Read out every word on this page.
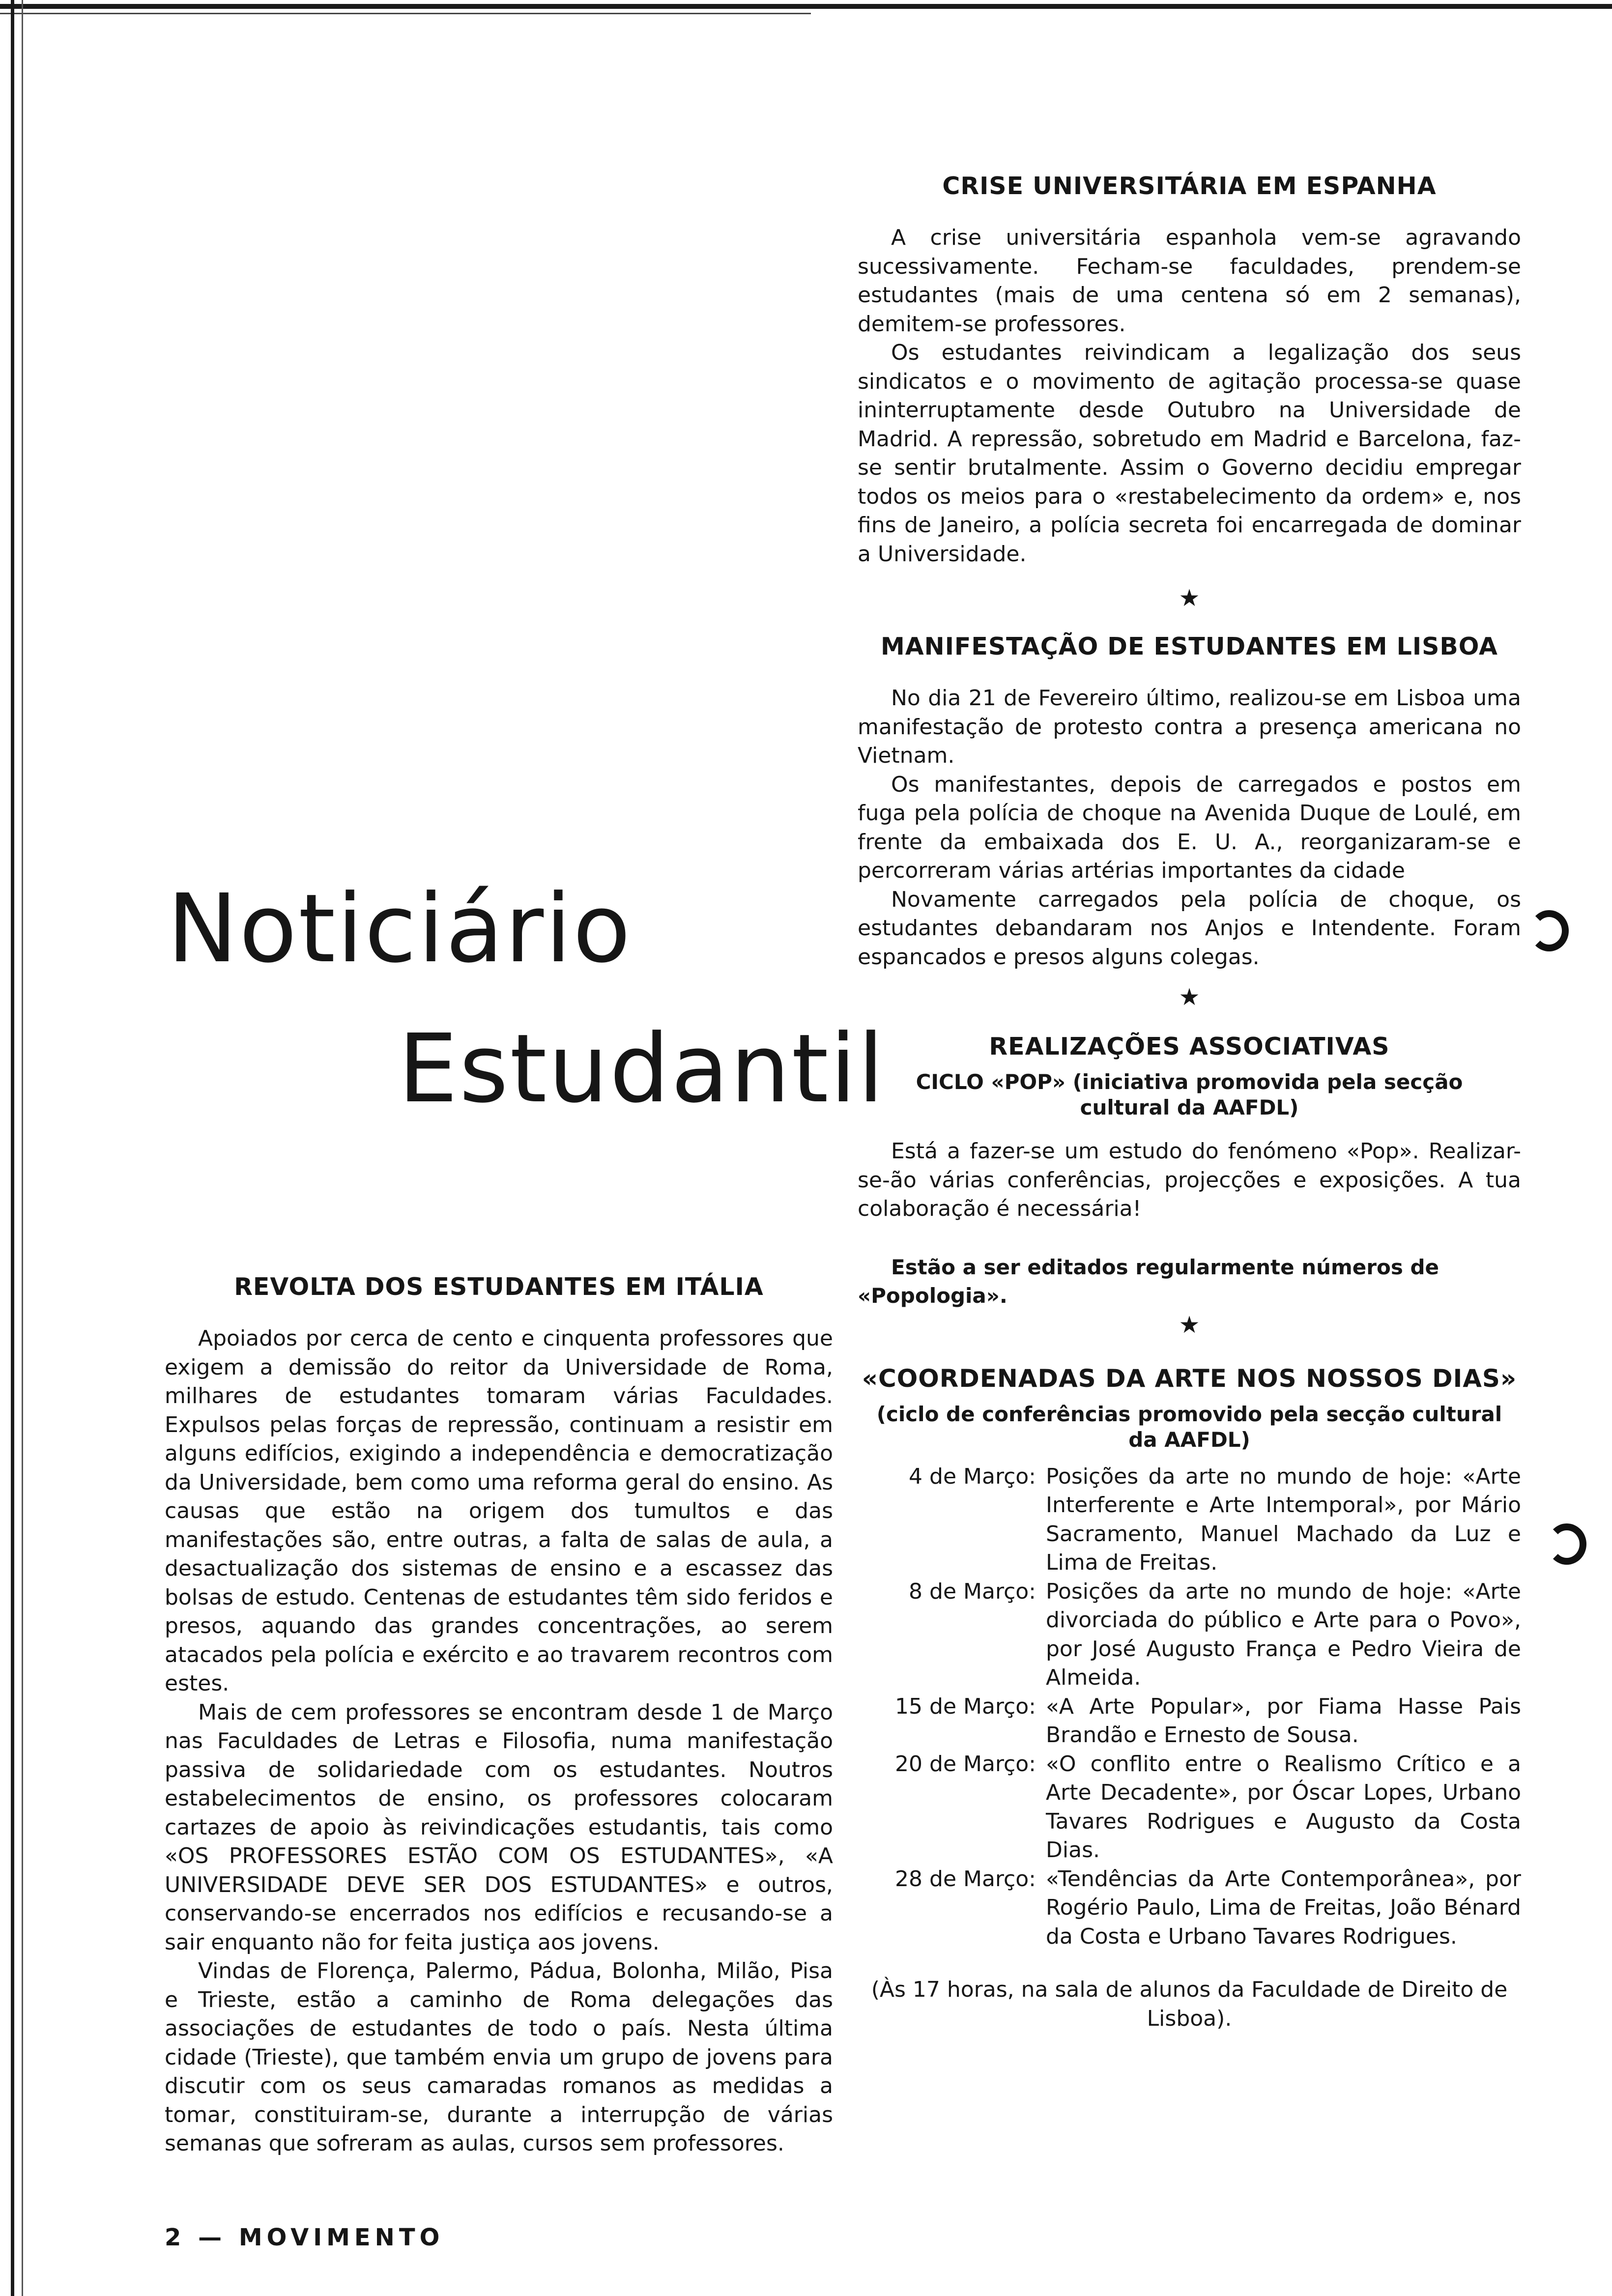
Noticiário
Estudantil
REVOLTA DOS ESTUDANTES EM ITÁLIA

Apoiados por cerca de cento e cinquenta professores que exigem a demissão do reitor da Universidade de Roma, milhares de estudantes tomaram várias Faculdades. Expulsos pelas forças de repressão, continuam a resistir em alguns edifícios, exigindo a independência e democratização da Universidade, bem como uma reforma geral do ensino. As causas que estão na origem dos tumultos e das manifestações são, entre outras, a falta de salas de aula, a desactualização dos sistemas de ensino e a escassez das bolsas de estudo. Centenas de estudantes têm sido feridos e presos, aquando das grandes concentrações, ao serem atacados pela polícia e exército e ao travarem recontros com estes.

Mais de cem professores se encontram desde 1 de Março nas Faculdades de Letras e Filosofia, numa manifestação passiva de solidariedade com os estudantes. Noutros estabelecimentos de ensino, os professores colocaram cartazes de apoio às reivindicações estudantis, tais como «OS PROFESSORES ESTÃO COM OS ESTUDANTES», «A UNIVERSIDADE DEVE SER DOS ESTUDANTES» e outros, conservando-se encerrados nos edifícios e recusando-se a sair enquanto não for feita justiça aos jovens.

Vindas de Florença, Palermo, Pádua, Bolonha, Milão, Pisa e Trieste, estão a caminho de Roma delegações das associações de estudantes de todo o país. Nesta última cidade (Trieste), que também envia um grupo de jovens para discutir com os seus camaradas romanos as medidas a tomar, constituiram-se, durante a interrupção de várias semanas que sofreram as aulas, cursos sem professores.

CRISE UNIVERSITÁRIA EM ESPANHA

A crise universitária espanhola vem-se agravando sucessivamente. Fecham-se faculdades, prendem-se estudantes (mais de uma centena só em 2 semanas), demitem-se professores.

Os estudantes reivindicam a legalização dos seus sindicatos e o movimento de agitação processa-se quase ininterruptamente desde Outubro na Universidade de Madrid. A repressão, sobretudo em Madrid e Barcelona, faz-se sentir brutalmente. Assim o Governo decidiu empregar todos os meios para o «restabelecimento da ordem» e, nos fins de Janeiro, a polícia secreta foi encarregada de dominar a Universidade.

★
MANIFESTAÇÃO DE ESTUDANTES EM LISBOA

No dia 21 de Fevereiro último, realizou-se em Lisboa uma manifestação de protesto contra a presença americana no Vietnam.

Os manifestantes, depois de carregados e postos em fuga pela polícia de choque na Avenida Duque de Loulé, em frente da embaixada dos E. U. A., reorganizaram-se e percorreram várias artérias importantes da cidade

Novamente carregados pela polícia de choque, os estudantes debandaram nos Anjos e Intendente. Foram espancados e presos alguns colegas.

★
REALIZAÇÕES ASSOCIATIVAS

CICLO «POP» (iniciativa promovida pela secção cultural da AAFDL)

Está a fazer-se um estudo do fenómeno «Pop». Realizar-se-ão várias conferências, projecções e exposições. A tua colaboração é necessária!

Estão a ser editados regularmente números de «Popologia».

★
«COORDENADAS DA ARTE NOS NOSSOS DIAS»

(ciclo de conferências promovido pela secção cultural da AAFDL)

4 de Março: Posições da arte no mundo de hoje: «Arte Interferente e Arte Intemporal», por Mário Sacramento, Manuel Machado da Luz e Lima de Freitas.
8 de Março: Posições da arte no mundo de hoje: «Arte divorciada do público e Arte para o Povo», por José Augusto França e Pedro Vieira de Almeida.
15 de Março: «A Arte Popular», por Fiama Hasse Pais Brandão e Ernesto de Sousa.
20 de Março: «O conflito entre o Realismo Crítico e a Arte Decadente», por Óscar Lopes, Urbano Tavares Rodrigues e Augusto da Costa Dias.
28 de Março: «Tendências da Arte Contemporânea», por Rogério Paulo, Lima de Freitas, João Bénard da Costa e Urbano Tavares Rodrigues.

(Às 17 horas, na sala de alunos da Faculdade de Direito de Lisboa).

2 — MOVIMENTO
